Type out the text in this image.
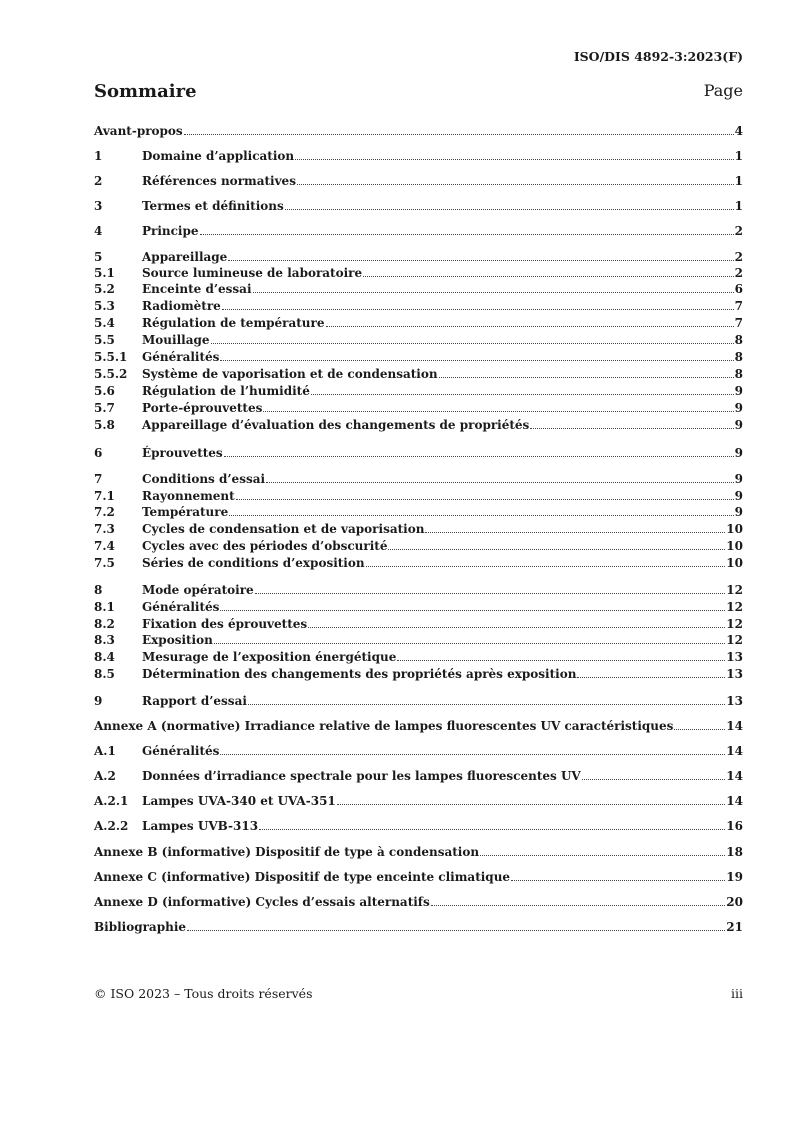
ISO/DIS 4892-3:2023(F)
Sommaire	Page
Avant-propos	4
1	Domaine d’application	1
2	Références normatives	1
3	Termes et définitions	1
4	Principe	2
5	Appareillage	2
5.1	Source lumineuse de laboratoire	2
5.2	Enceinte d’essai	6
5.3	Radiomètre	7
5.4	Régulation de température	7
5.5	Mouillage	8
5.5.1	Généralités	8
5.5.2	Système de vaporisation et de condensation	8
5.6	Régulation de l’humidité	9
5.7	Porte-éprouvettes	9
5.8	Appareillage d’évaluation des changements de propriétés	9
6	Éprouvettes	9
7	Conditions d’essai	9
7.1	Rayonnement	9
7.2	Température	9
7.3	Cycles de condensation et de vaporisation	10
7.4	Cycles avec des périodes d’obscurité	10
7.5	Séries de conditions d’exposition	10
8	Mode opératoire	12
8.1	Généralités	12
8.2	Fixation des éprouvettes	12
8.3	Exposition	12
8.4	Mesurage de l’exposition énergétique	13
8.5	Détermination des changements des propriétés après exposition	13
9	Rapport d’essai	13
Annexe A (normative) Irradiance relative de lampes fluorescentes UV caractéristiques	14
A.1	Généralités	14
A.2	Données d’irradiance spectrale pour les lampes fluorescentes UV	14
A.2.1	Lampes UVA-340 et UVA-351	14
A.2.2	Lampes UVB-313	16
Annexe B (informative) Dispositif de type à condensation	18
Annexe C (informative) Dispositif de type enceinte climatique	19
Annexe D (informative) Cycles d’essais alternatifs	20
Bibliographie	21
© ISO 2023 – Tous droits réservés	iii
